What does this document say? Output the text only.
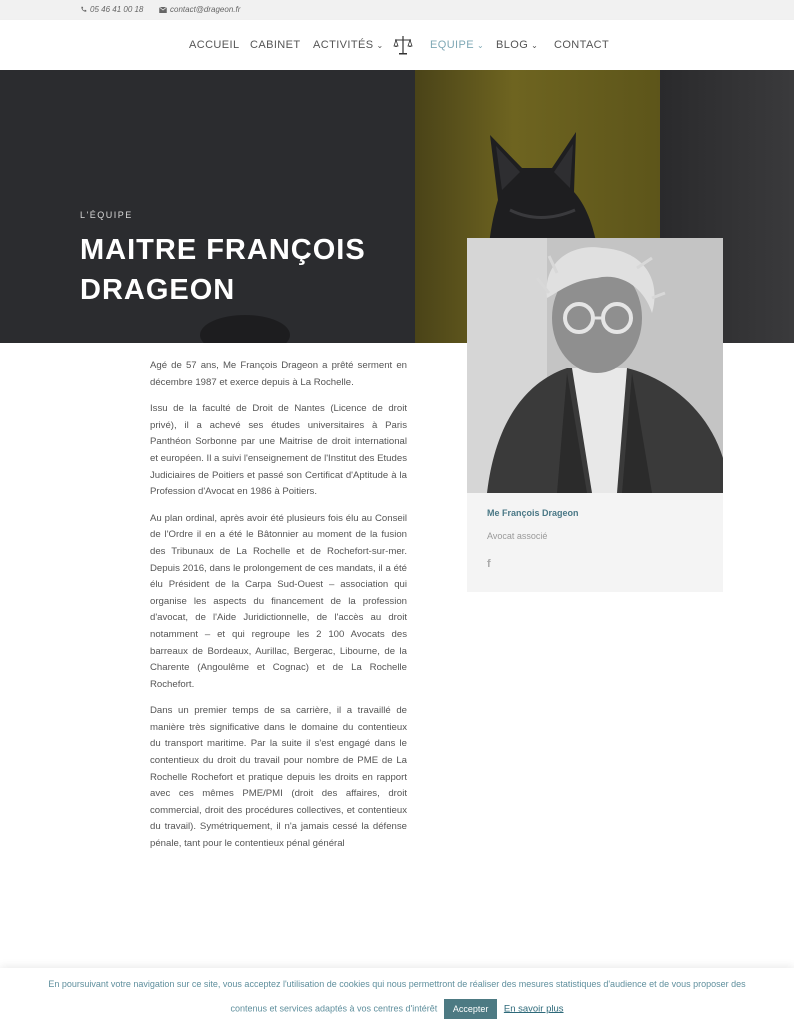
05 46 41 00 18	contact@drageon.fr
ACCUEIL CABINET ACTIVITÉS ⌄	EQUIPE ⌄ BLOG ⌄ CONTACT
L'ÉQUIPE
MAITRE FRANÇOIS DRAGEON
Me François Drageon
Avocat associé
f

Agé de 57 ans, Me François Drageon a prêté serment en décembre 1987 et exerce depuis à La Rochelle.

Issu de la faculté de Droit de Nantes (Licence de droit privé), il a achevé ses études universitaires à Paris Panthéon Sorbonne par une Maitrise de droit international et européen. Il a suivi l'enseignement de l'Institut des Etudes Judiciaires de Poitiers et passé son Certificat d'Aptitude à la Profession d'Avocat en 1986 à Poitiers.

Au plan ordinal, après avoir été plusieurs fois élu au Conseil de l'Ordre il en a été le Bâtonnier au moment de la fusion des Tribunaux de La Rochelle et de Rochefort-sur-mer. Depuis 2016, dans le prolongement de ces mandats, il a été élu Président de la Carpa Sud-Ouest – association qui organise les aspects du financement de la profession d'avocat, de l'Aide Juridictionnelle, de l'accès au droit notamment – et qui regroupe les 2 100 Avocats des barreaux de Bordeaux, Aurillac, Bergerac, Libourne, de la Charente (Angoulême et Cognac) et de La Rochelle Rochefort.

Dans un premier temps de sa carrière, il a travaillé de manière très significative dans le domaine du contentieux du transport maritime. Par la suite il s'est engagé dans le contentieux du droit du travail pour nombre de PME de La Rochelle Rochefort et pratique depuis les droits en rapport avec ces mêmes PME/PMI (droit des affaires, droit commercial, droit des procédures collectives, et contentieux du travail). Symétriquement, il n'a jamais cessé la défense pénale, tant pour le contentieux pénal général

En poursuivant votre navigation sur ce site, vous acceptez l'utilisation de cookies qui nous permettront de réaliser des mesures statistiques d'audience et de vous proposer des
contenus et services adaptés à vos centres d'intérêt Accepter En savoir plus
